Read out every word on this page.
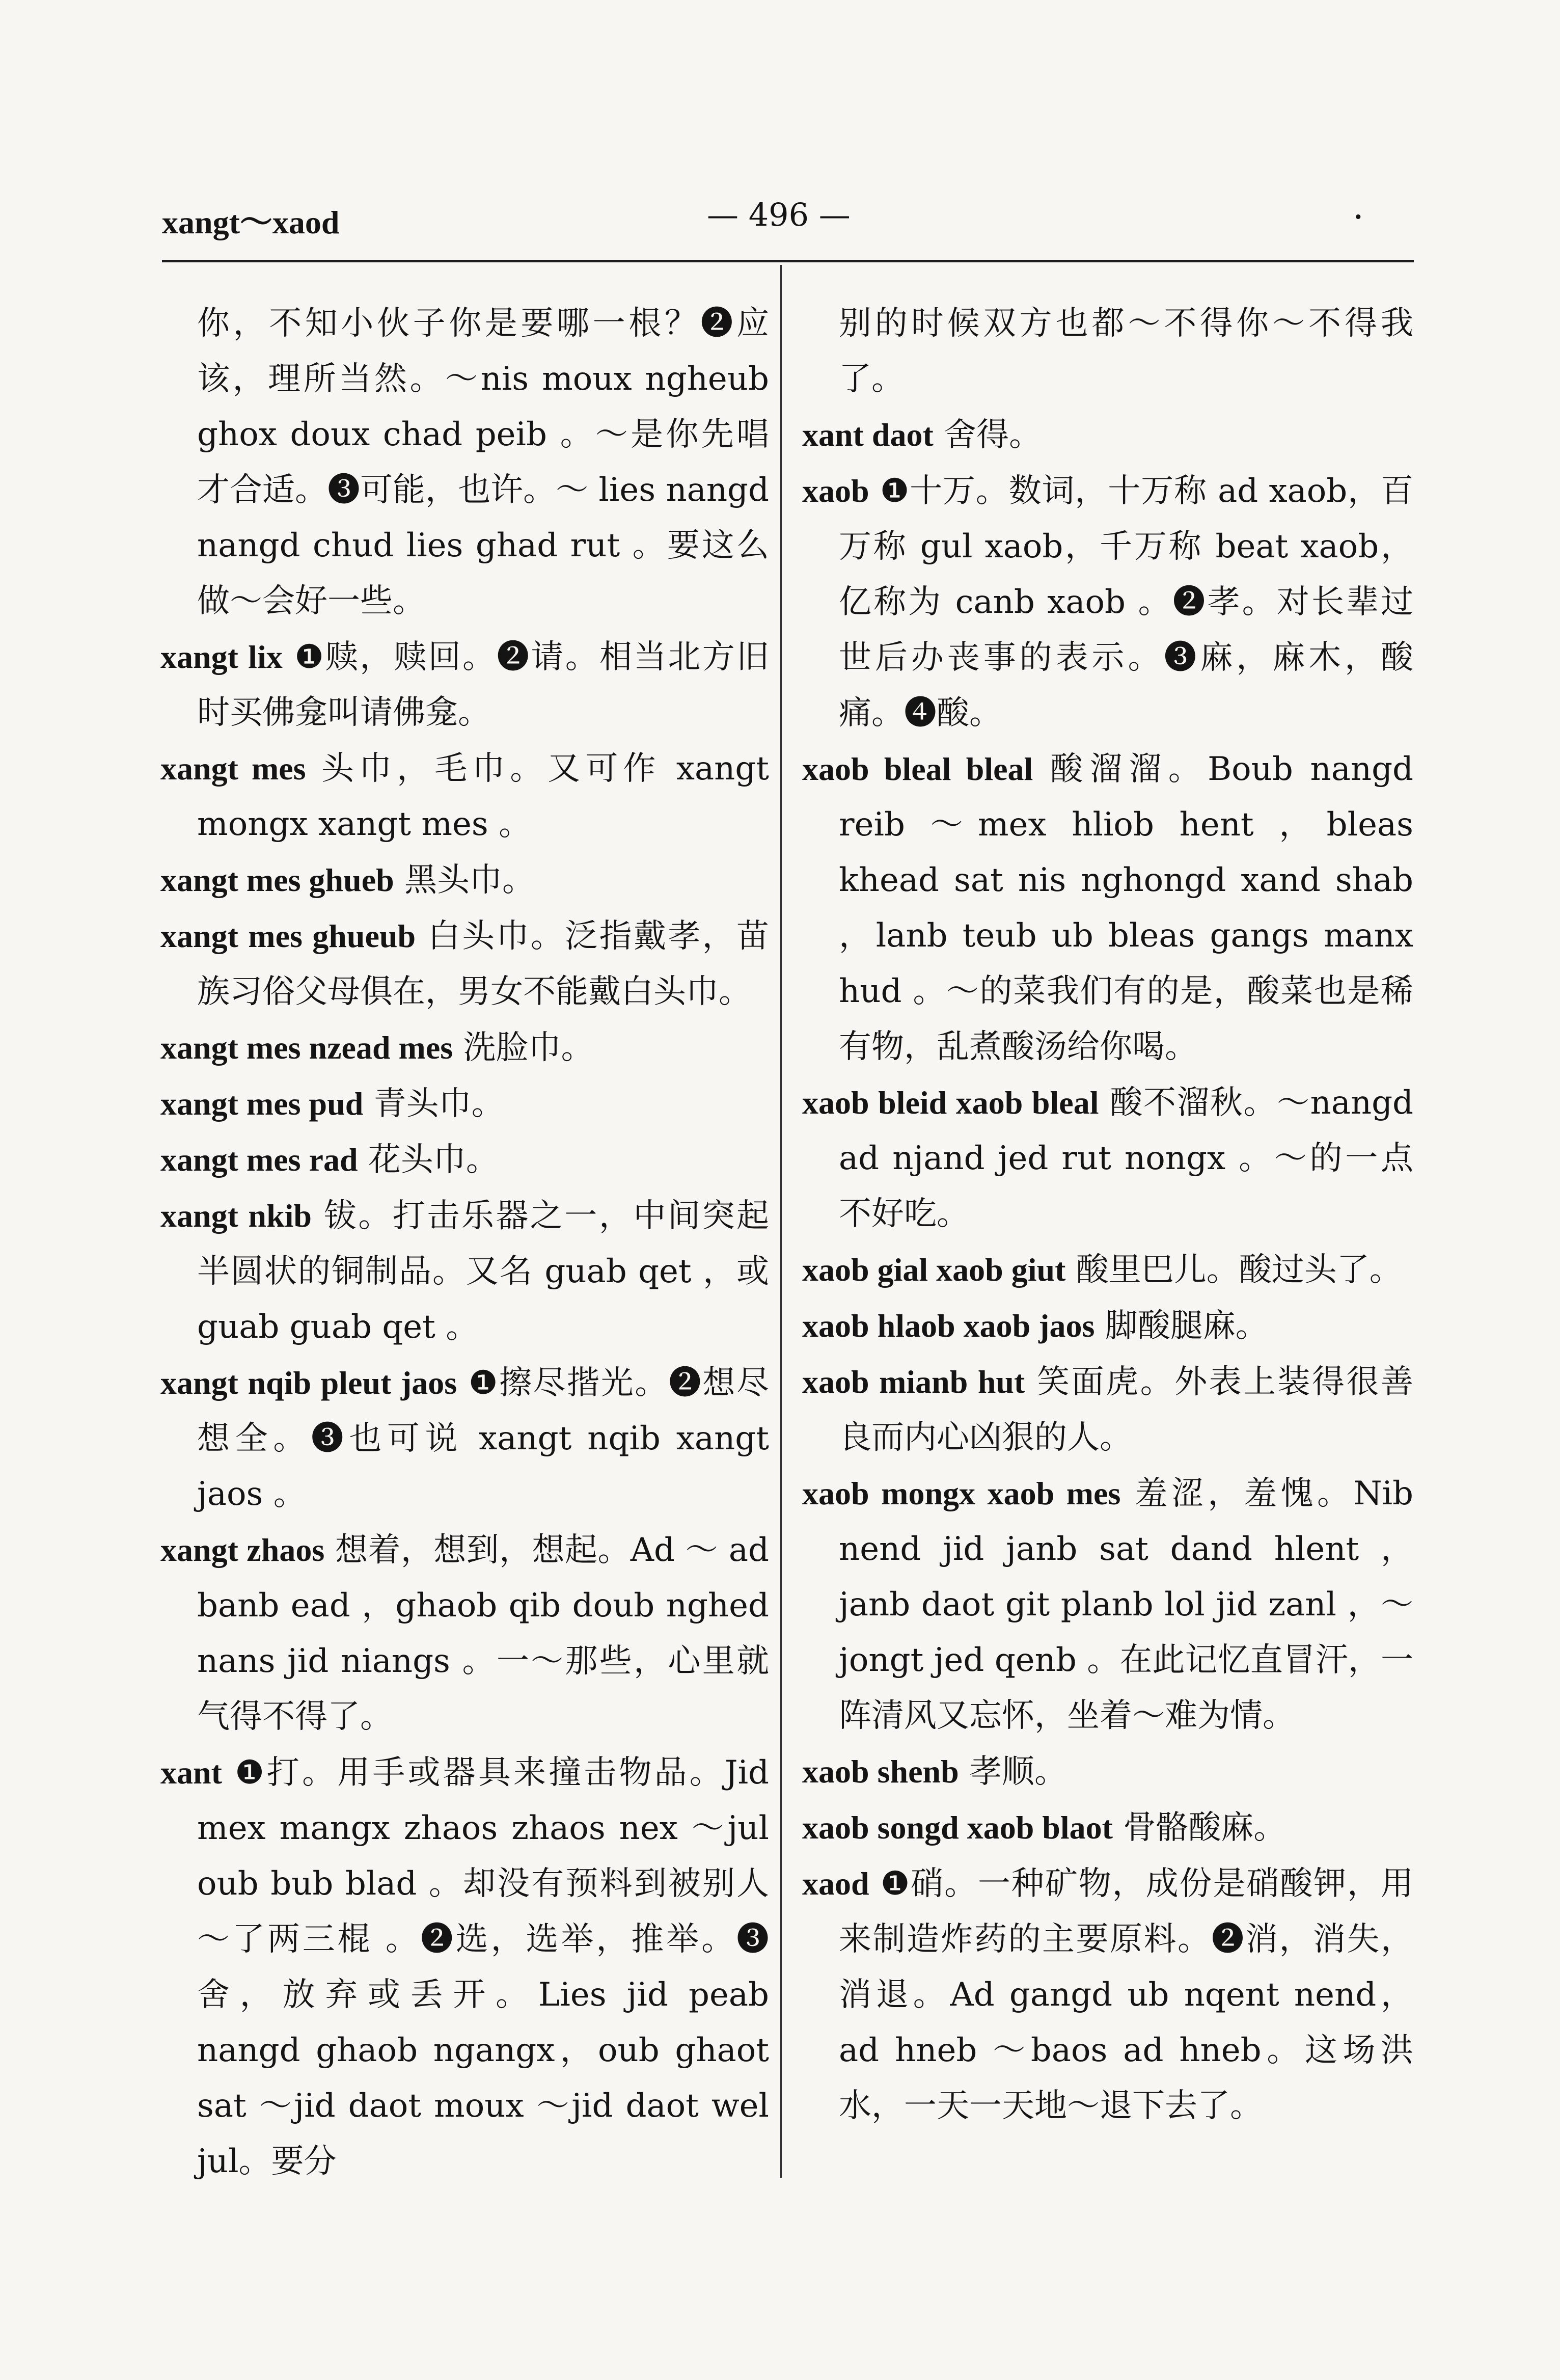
xangt～xaod	— 496 —	·
你，不知小伙子你是要哪一根？❷应该，理所当然。～nis moux ngheub ghox doux chad peib 。～是你先唱才合适。❸可能，也许。～ lies nangd nangd chud lies ghad rut 。要这么做～会好一些。
xangt lix ❶赎，赎回。❷请。相当北方旧时买佛龛叫请佛龛。
xangt mes 头巾，毛巾。又可作 xangt mongx xangt mes 。
xangt mes ghueb 黑头巾。
xangt mes ghueub 白头巾。泛指戴孝，苗族习俗父母俱在，男女不能戴白头巾。
xangt mes nzead mes 洗脸巾。
xangt mes pud 青头巾。
xangt mes rad 花头巾。
xangt nkib 钹。打击乐器之一，中间突起半圆状的铜制品。又名 guab qet ，或 guab guab qet 。
xangt nqib pleut jaos ❶擦尽揩光。❷想尽想全。❸也可说 xangt nqib xangt jaos 。
xangt zhaos 想着，想到，想起。Ad ～ ad banb ead ，ghaob qib doub nghed nans jid niangs 。一～那些，心里就气得不得了。
xant ❶打。用手或器具来撞击物品。Jid mex mangx zhaos zhaos nex ～jul oub bub blad 。却没有预料到被别人～了两三棍 。❷选，选举，推举。❸舍，放弃或丢开。Lies jid peab nangd ghaob ngangx，oub ghaot sat ～jid daot moux ～jid daot wel jul。要分
别的时候双方也都～不得你～不得我了。
xant daot 舍得。
xaob ❶十万。数词，十万称 ad xaob，百万称 gul xaob，千万称 beat xaob，亿称为 canb xaob 。❷孝。对长辈过世后办丧事的表示。❸麻，麻木，酸痛。❹酸。
xaob bleal bleal 酸溜溜。Boub nangd reib ～mex hliob hent ，bleas khead sat nis nghongd xand shab ，lanb teub ub bleas gangs manx hud 。～的菜我们有的是，酸菜也是稀有物，乱煮酸汤给你喝。
xaob bleid xaob bleal 酸不溜秋。～nangd ad njand jed rut nongx 。～的一点不好吃。
xaob gial xaob giut 酸里巴儿。酸过头了。
xaob hlaob xaob jaos 脚酸腿麻。
xaob mianb hut 笑面虎。外表上装得很善良而内心凶狠的人。
xaob mongx xaob mes 羞涩，羞愧。Nib nend jid janb sat dand hlent ，janb daot git planb lol jid zanl ，～jongt jed qenb 。在此记忆直冒汗，一阵清风又忘怀，坐着～难为情。
xaob shenb 孝顺。
xaob songd xaob blaot 骨骼酸麻。
xaod ❶硝。一种矿物，成份是硝酸钾，用来制造炸药的主要原料。❷消，消失，消退。Ad gangd ub nqent nend，ad hneb ～baos ad hneb。这场洪水，一天一天地～退下去了。
